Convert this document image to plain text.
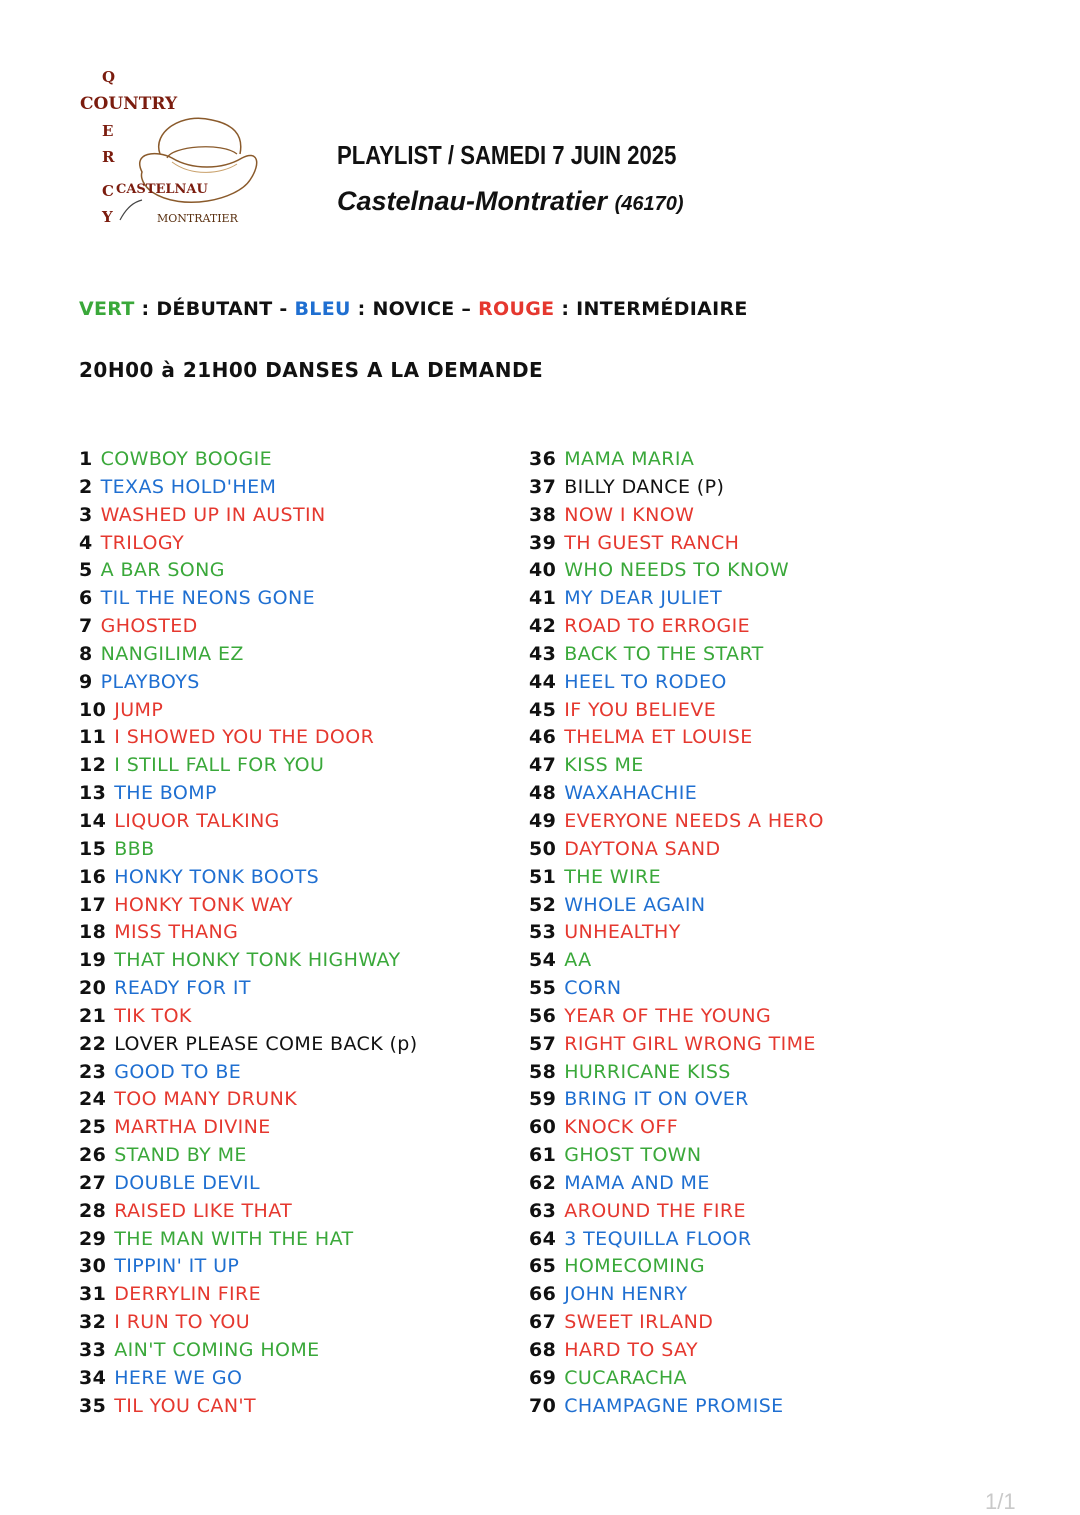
Q
COUNTRY
E
R
C CASTELNAU
Y	MONTRATIER
PLAYLIST / SAMEDI 7 JUIN 2025
Castelnau-Montratier (46170)
VERT : DÉBUTANT - BLEU : NOVICE – ROUGE : INTERMÉDIAIRE
20H00 à 21H00 DANSES A LA DEMANDE
1 COWBOY BOOGIE
2 TEXAS HOLD'HEM
3 WASHED UP IN AUSTIN
4 TRILOGY
5 A BAR SONG
6 TIL THE NEONS GONE
7 GHOSTED
8 NANGILIMA EZ
9 PLAYBOYS
10 JUMP
11 I SHOWED YOU THE DOOR
12 I STILL FALL FOR YOU
13 THE BOMP
14 LIQUOR TALKING
15 BBB
16 HONKY TONK BOOTS
17 HONKY TONK WAY
18 MISS THANG
19 THAT HONKY TONK HIGHWAY
20 READY FOR IT
21 TIK TOK
22 LOVER PLEASE COME BACK (p)
23 GOOD TO BE
24 TOO MANY DRUNK
25 MARTHA DIVINE
26 STAND BY ME
27 DOUBLE DEVIL
28 RAISED LIKE THAT
29 THE MAN WITH THE HAT
30 TIPPIN' IT UP
31 DERRYLIN FIRE
32 I RUN TO YOU
33 AIN'T COMING HOME
34 HERE WE GO
35 TIL YOU CAN'T
36 MAMA MARIA
37 BILLY DANCE (P)
38 NOW I KNOW
39 TH GUEST RANCH
40 WHO NEEDS TO KNOW
41 MY DEAR JULIET
42 ROAD TO ERROGIE
43 BACK TO THE START
44 HEEL TO RODEO
45 IF YOU BELIEVE
46 THELMA ET LOUISE
47 KISS ME
48 WAXAHACHIE
49 EVERYONE NEEDS A HERO
50 DAYTONA SAND
51 THE WIRE
52 WHOLE AGAIN
53 UNHEALTHY
54 AA
55 CORN
56 YEAR OF THE YOUNG
57 RIGHT GIRL WRONG TIME
58 HURRICANE KISS
59 BRING IT ON OVER
60 KNOCK OFF
61 GHOST TOWN
62 MAMA AND ME
63 AROUND THE FIRE
64 3 TEQUILLA FLOOR
65 HOMECOMING
66 JOHN HENRY
67 SWEET IRLAND
68 HARD TO SAY
69 CUCARACHA
70 CHAMPAGNE PROMISE
1/1
